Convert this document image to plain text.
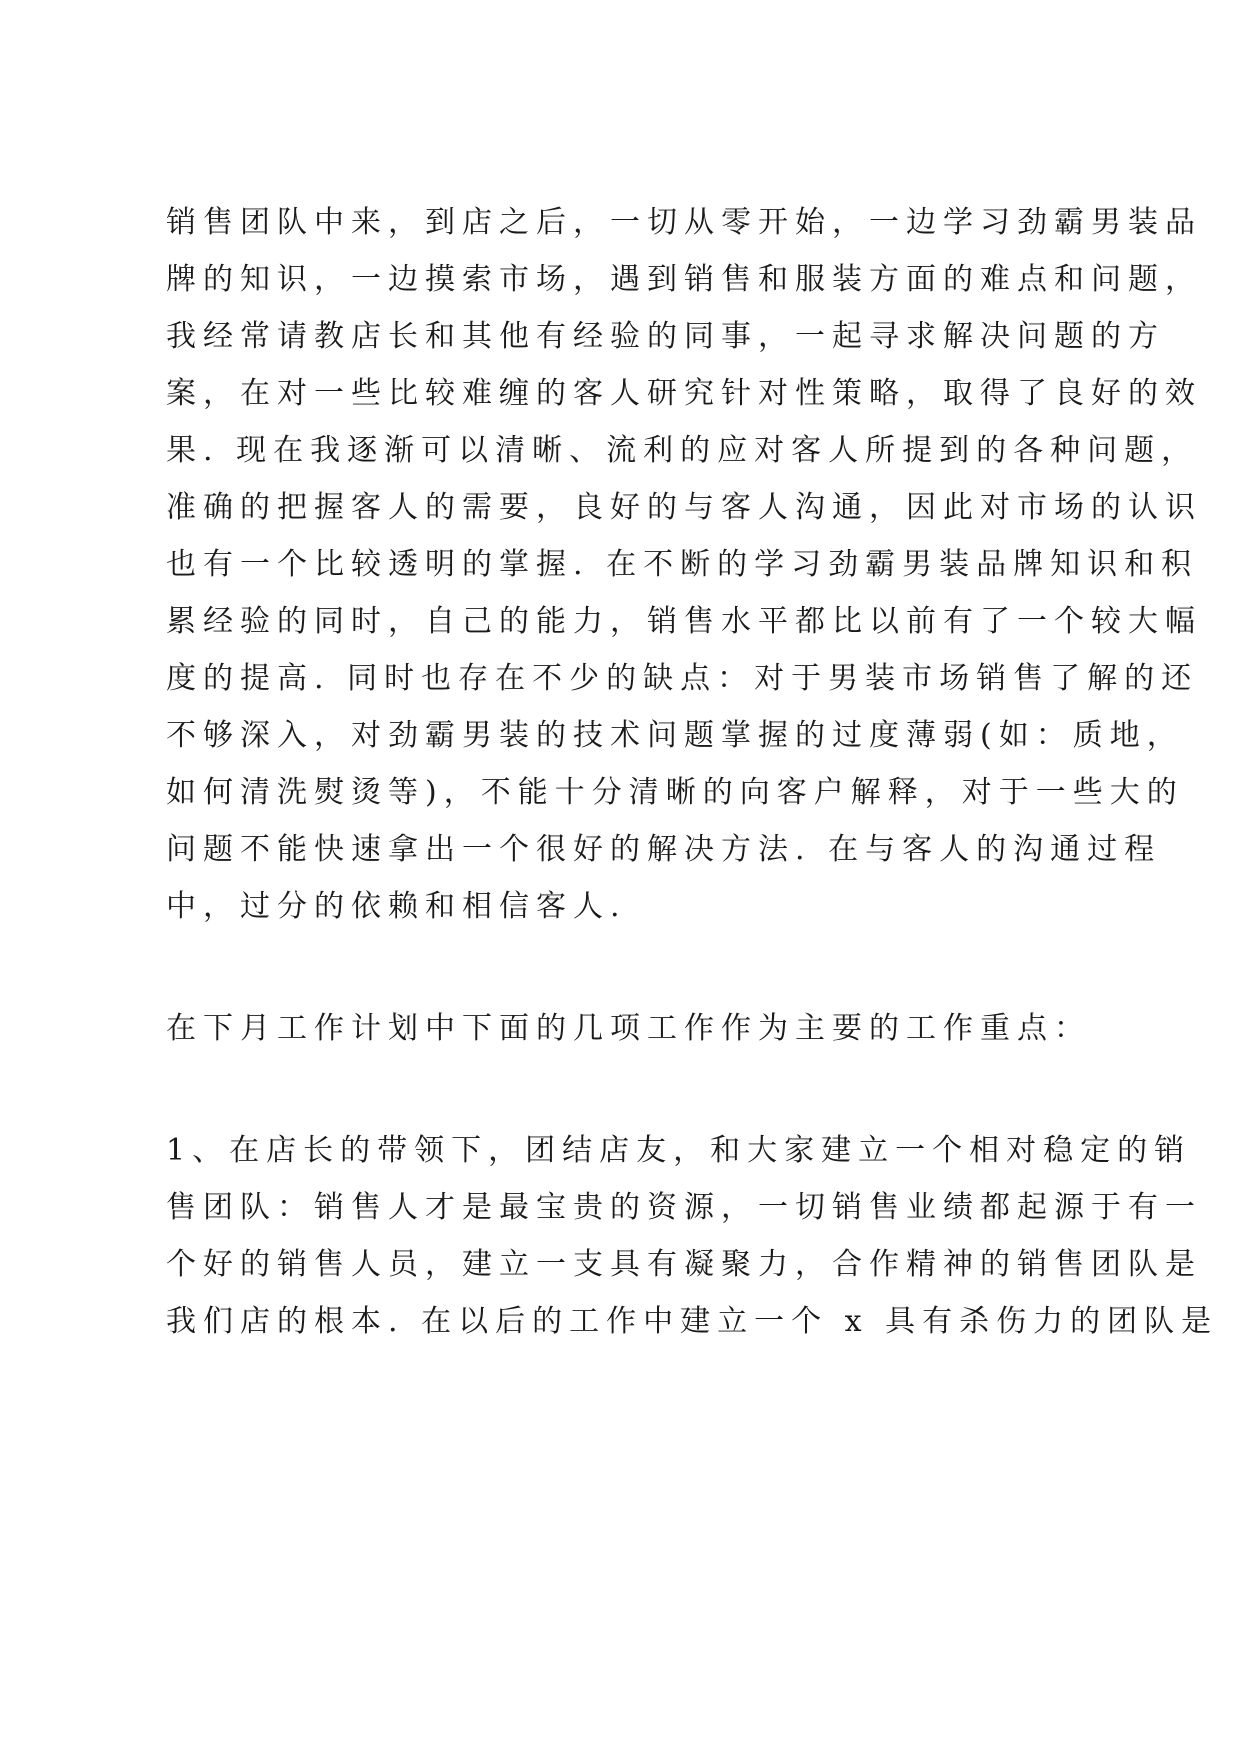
销售团队中来，到店之后，一切从零开始，一边学习劲霸男装品
牌的知识，一边摸索市场，遇到销售和服装方面的难点和问题，
我经常请教店长和其他有经验的同事，一起寻求解决问题的方
案，在对一些比较难缠的客人研究针对性策略，取得了良好的效
果. 现在我逐渐可以清晰、流利的应对客人所提到的各种问题，
准确的把握客人的需要，良好的与客人沟通，因此对市场的认识
也有一个比较透明的掌握. 在不断的学习劲霸男装品牌知识和积
累经验的同时，自己的能力，销售水平都比以前有了一个较大幅
度的提高. 同时也存在不少的缺点：对于男装市场销售了解的还
不够深入，对劲霸男装的技术问题掌握的过度薄弱(如：质地，
如何清洗熨烫等)，不能十分清晰的向客户解释，对于一些大的
问题不能快速拿出一个很好的解决方法. 在与客人的沟通过程
中，过分的依赖和相信客人.
在下月工作计划中下面的几项工作作为主要的工作重点：
1、在店长的带领下，团结店友，和大家建立一个相对稳定的销
售团队：销售人才是最宝贵的资源，一切销售业绩都起源于有一
个好的销售人员，建立一支具有凝聚力，合作精神的销售团队是
我们店的根本. 在以后的工作中建立一个 x 具有杀伤力的团队是
